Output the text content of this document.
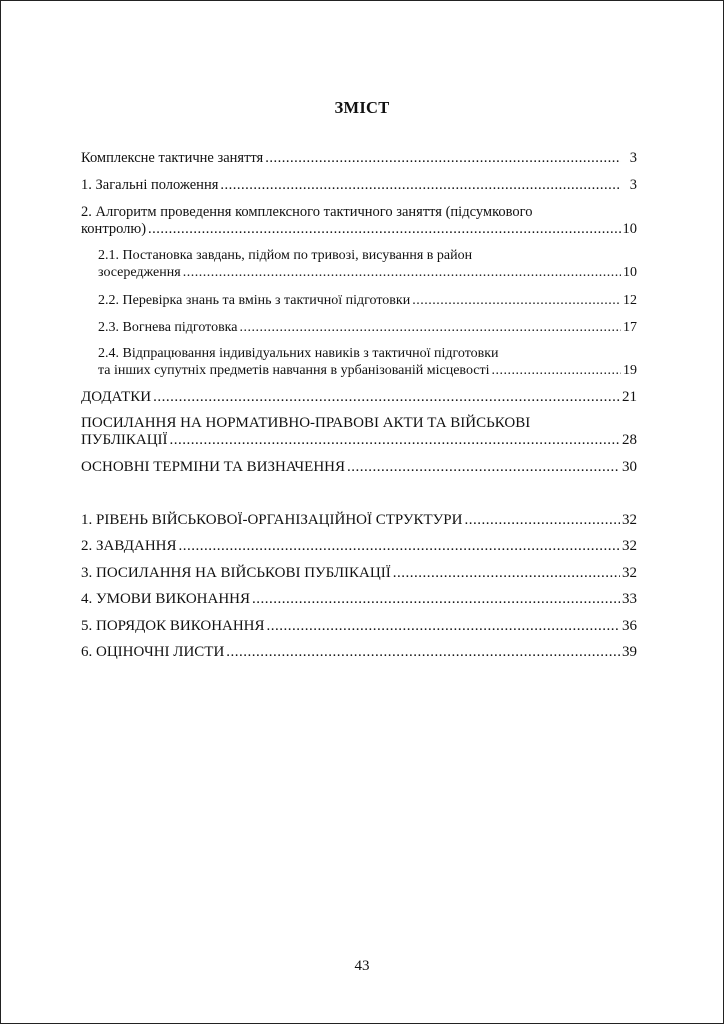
ЗМІСТ
Комплексне тактичне заняття .....	3
1. Загальні положення .....	3
2. Алгоритм проведення комплексного тактичного заняття (підсумкового
контролю) .....	10
2.1. Постановка завдань, підйом по тривозі, висування в район
зосередження .....	10
2.2. Перевірка знань та вмінь з тактичної підготовки .....	12
2.3. Вогнева підготовка .....	17
2.4. Відпрацювання індивідуальних навиків з тактичної підготовки
та інших супутніх предметів навчання в урбанізованій місцевості .....	19
ДОДАТКИ .....	21
ПОСИЛАННЯ НА НОРМАТИВНО-ПРАВОВІ АКТИ ТА ВІЙСЬКОВІ
ПУБЛІКАЦІЇ .....	28
ОСНОВНІ ТЕРМІНИ ТА ВИЗНАЧЕННЯ .....	30
1. РІВЕНЬ ВІЙСЬКОВОЇ-ОРГАНІЗАЦІЙНОЇ СТРУКТУРИ .....	32
2. ЗАВДАННЯ .....	32
3. ПОСИЛАННЯ НА ВІЙСЬКОВІ ПУБЛІКАЦІЇ .....	32
4. УМОВИ ВИКОНАННЯ .....	33
5. ПОРЯДОК ВИКОНАННЯ .....	36
6. ОЦІНОЧНІ ЛИСТИ .....	39
43
